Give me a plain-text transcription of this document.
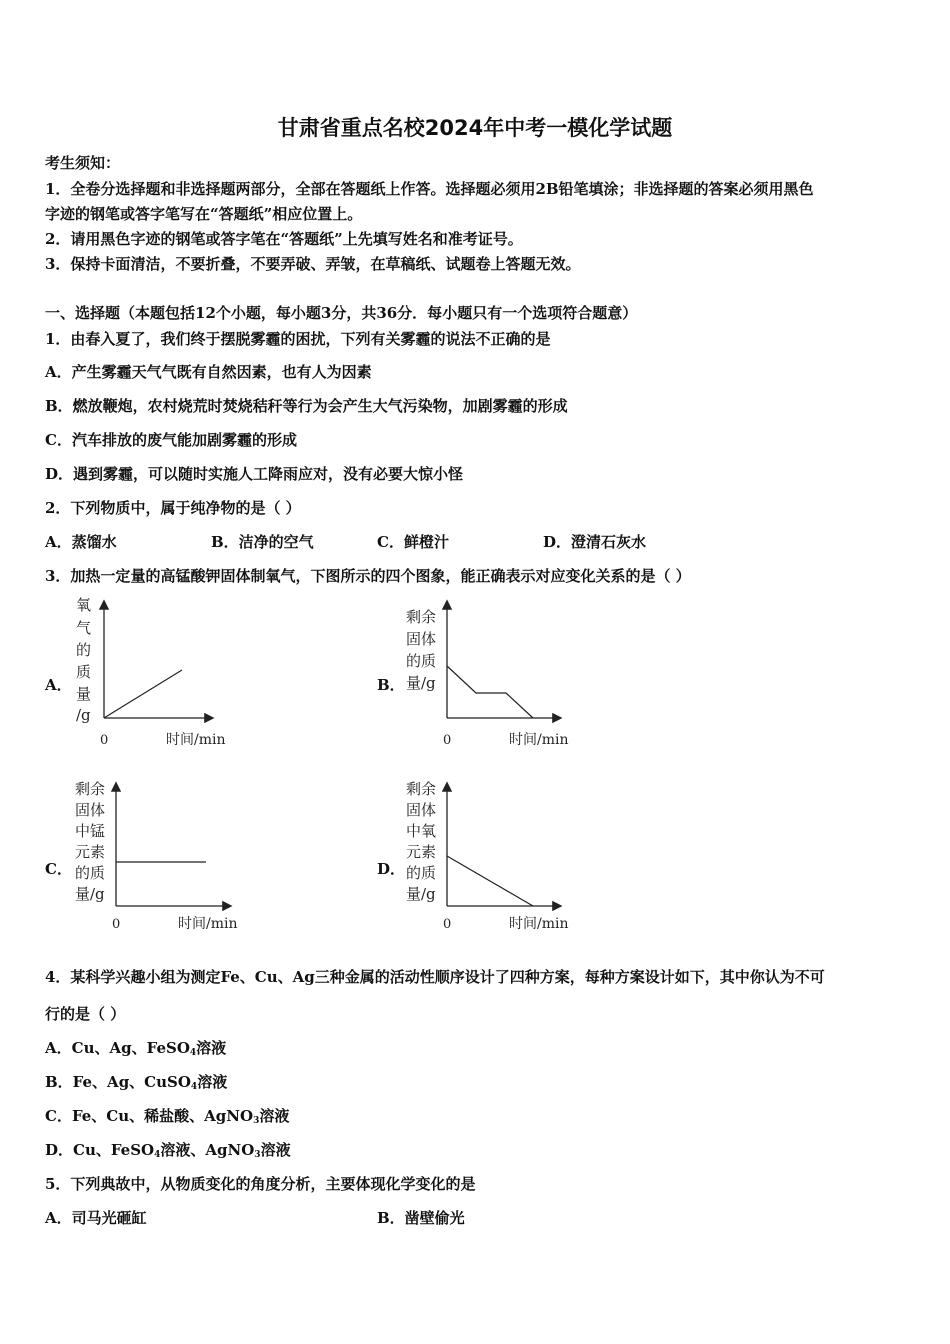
甘肃省重点名校2024年中考一模化学试题
考生须知：
1．全卷分选择题和非选择题两部分，全部在答题纸上作答。选择题必须用2B铅笔填涂；非选择题的答案必须用黑色
字迹的钢笔或答字笔写在“答题纸”相应位置上。
2．请用黑色字迹的钢笔或答字笔在“答题纸”上先填写姓名和准考证号。
3．保持卡面清洁，不要折叠，不要弄破、弄皱，在草稿纸、试题卷上答题无效。
一、选择题（本题包括12个小题，每小题3分，共36分．每小题只有一个选项符合题意）
1．由春入夏了，我们终于摆脱雾霾的困扰，下列有关雾霾的说法不正确的是
A．产生雾霾天气气既有自然因素，也有人为因素
B．燃放鞭炮，农村烧荒时焚烧秸秆等行为会产生大气污染物，加剧雾霾的形成
C．汽车排放的废气能加剧雾霾的形成
D．遇到雾霾，可以随时实施人工降雨应对，没有必要大惊小怪
2．下列物质中，属于纯净物的是（ ）
A．蒸馏水	B．洁净的空气	C．鲜橙汁	D．澄清石灰水
3．加热一定量的高锰酸钾固体制氧气，下图所示的四个图象，能正确表示对应变化关系的是（ ）
A．
氧
气
的
质
量
/g
0	时间/min
B．
剩余
固体
的质
量/g
0	时间/min
C．
剩余
固体
中锰
元素
的质
量/g
0	时间/min
D．
剩余
固体
中氧
元素
的质
量/g
0	时间/min
4．某科学兴趣小组为测定Fe、Cu、Ag三种金属的活动性顺序设计了四种方案，每种方案设计如下，其中你认为不可
行的是（ ）
A．Cu、Ag、FeSO$_4$溶液
B．Fe、Ag、CuSO$_4$溶液
C．Fe、Cu、稀盐酸、AgNO$_3$溶液
D．Cu、FeSO$_4$溶液、AgNO$_3$溶液
5．下列典故中，从物质变化的角度分析，主要体现化学变化的是
A．司马光砸缸	B．凿壁偷光
